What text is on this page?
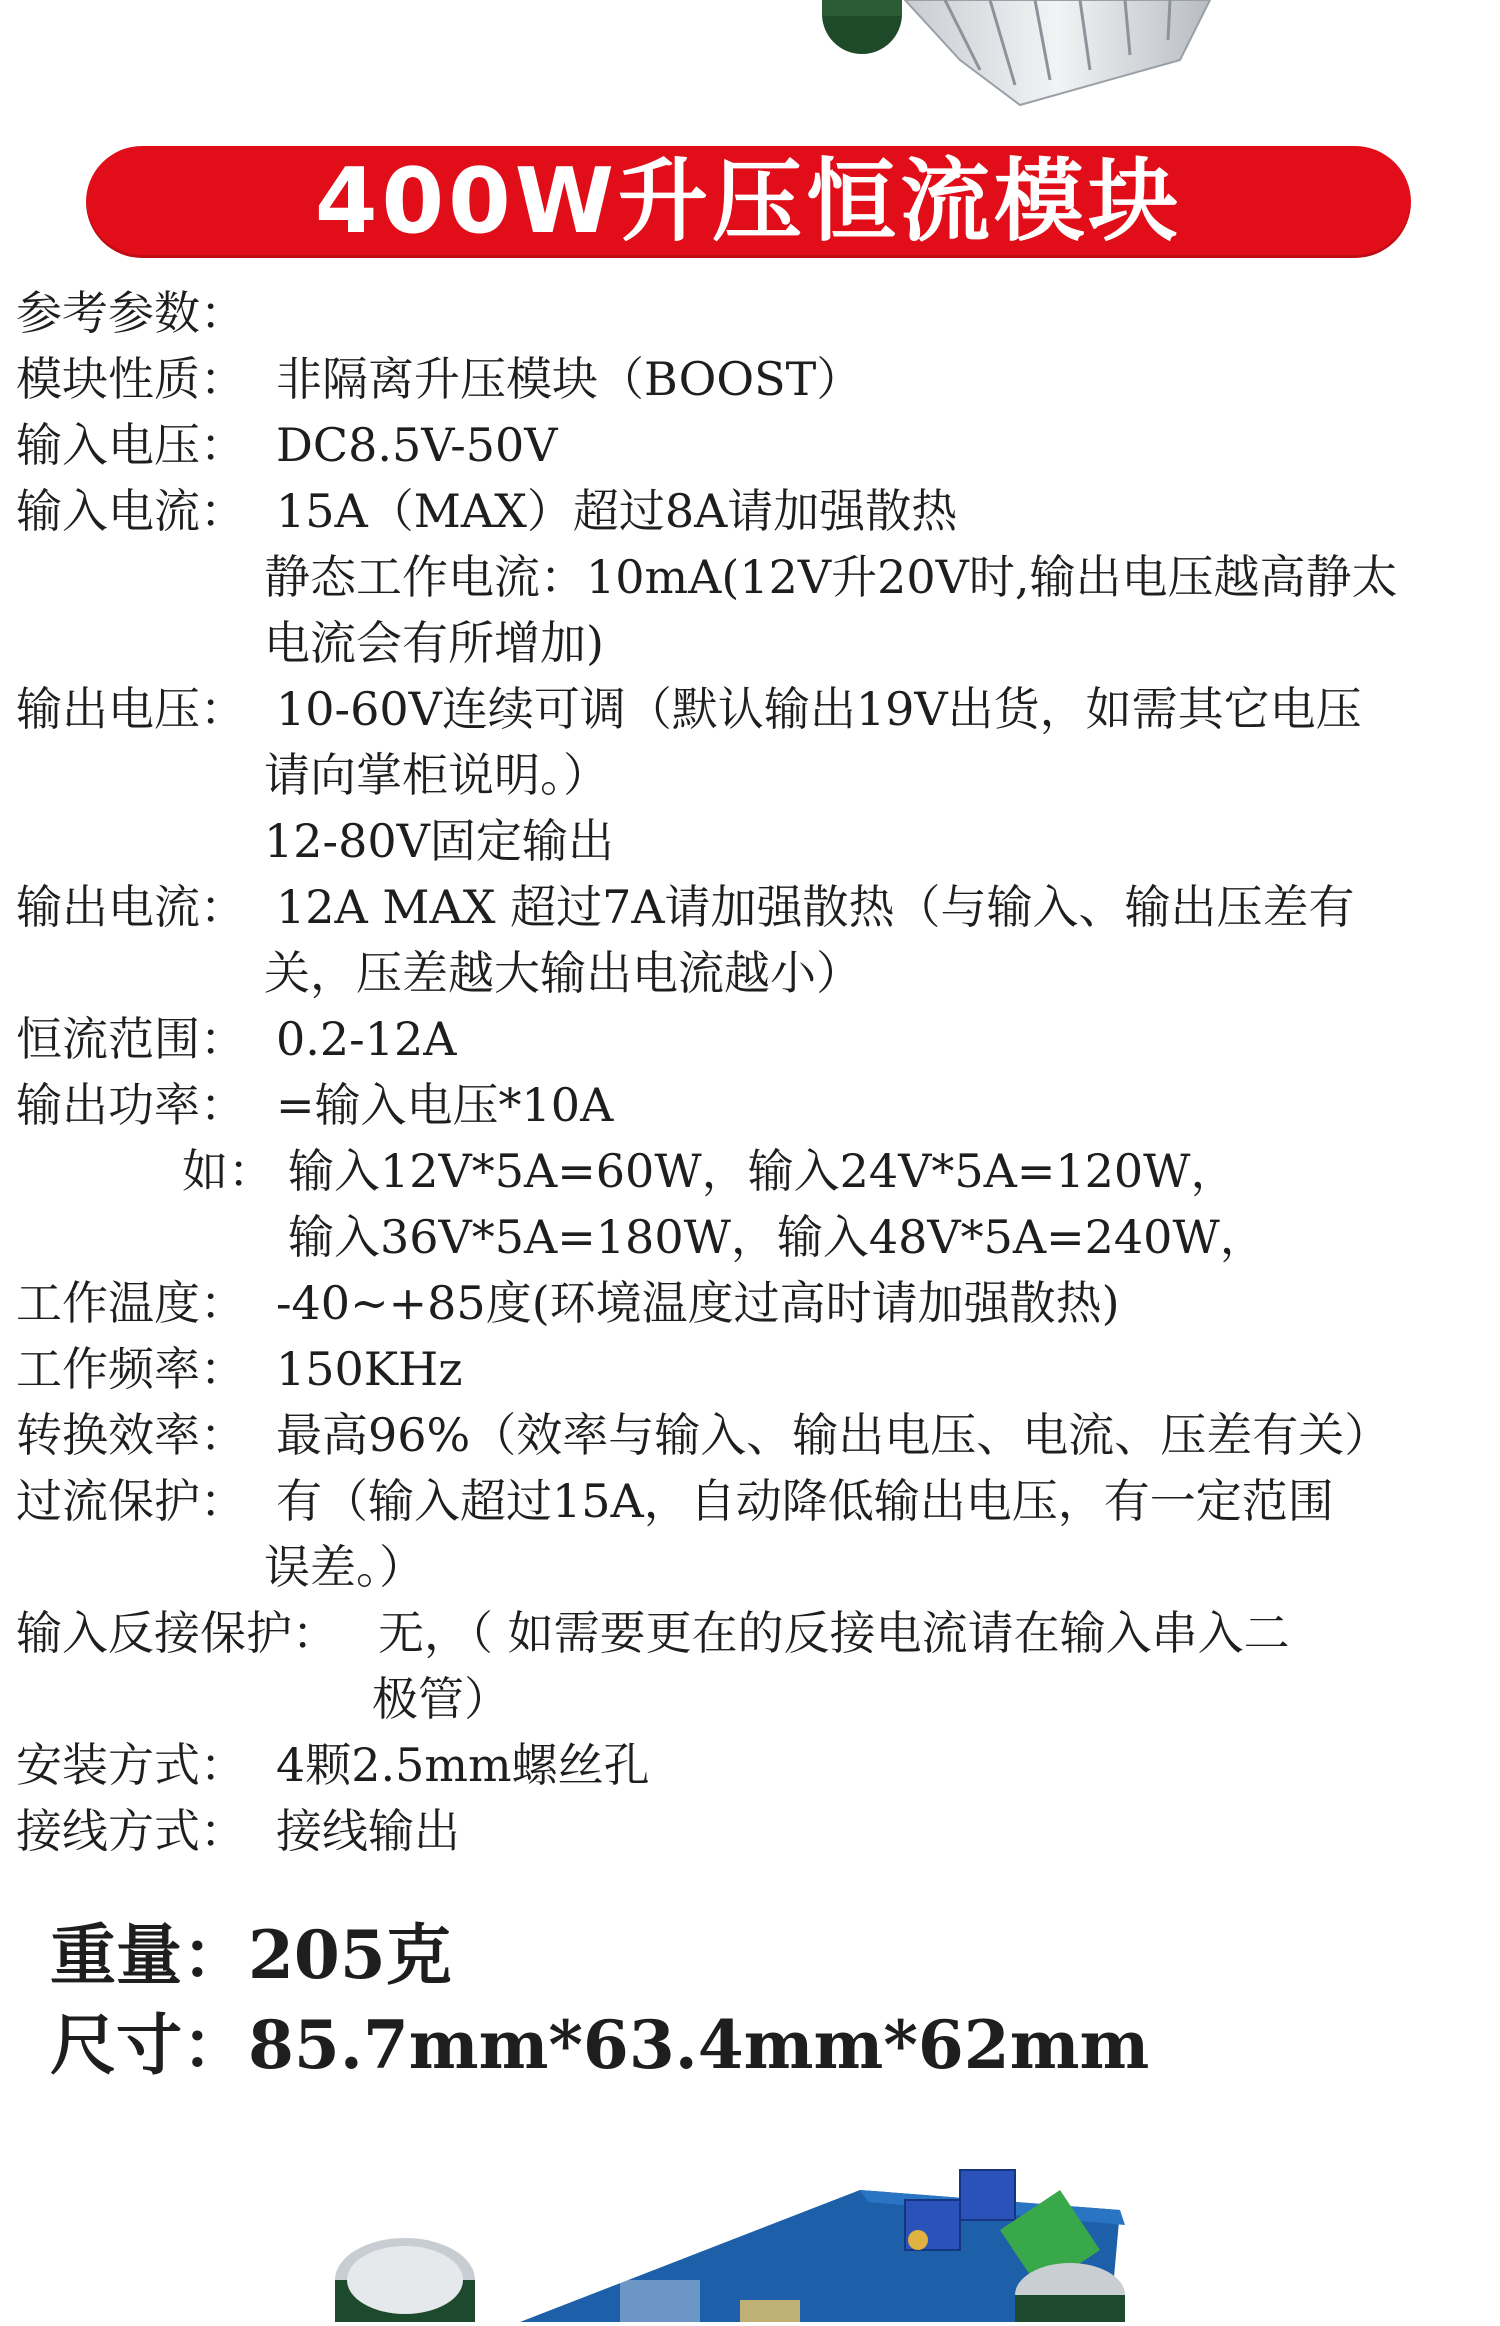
400W升压恒流模块
参考参数：
模块性质： 非隔离升压模块（BOOST）
输入电压： DC8.5V-50V
输入电流： 15A（MAX）超过8A请加强散热
静态工作电流：10mA(12V升20V时,输出电压越高静太
电流会有所增加)
输出电压： 10-60V连续可调（默认输出19V出货，如需其它电压
请向掌柜说明。）
12-80V固定输出
输出电流： 12A MAX 超过7A请加强散热（与输入、输出压差有
关，压差越大输出电流越小）
恒流范围： 0.2-12A
输出功率： =输入电压*10A
如： 输入12V*5A=60W，输入24V*5A=120W，
输入36V*5A=180W，输入48V*5A=240W，
工作温度： -40~+85度(环境温度过高时请加强散热)
工作频率： 150KHz
转换效率： 最高96%（效率与输入、输出电压、电流、压差有关）
过流保护： 有（输入超过15A，自动降低输出电压，有一定范围
误差。）
输入反接保护： 无，（ 如需要更在的反接电流请在输入串入二
极管）
安装方式： 4颗2.5mm螺丝孔
接线方式： 接线输出
重量：205克
尺寸：85.7mm*63.4mm*62mm
